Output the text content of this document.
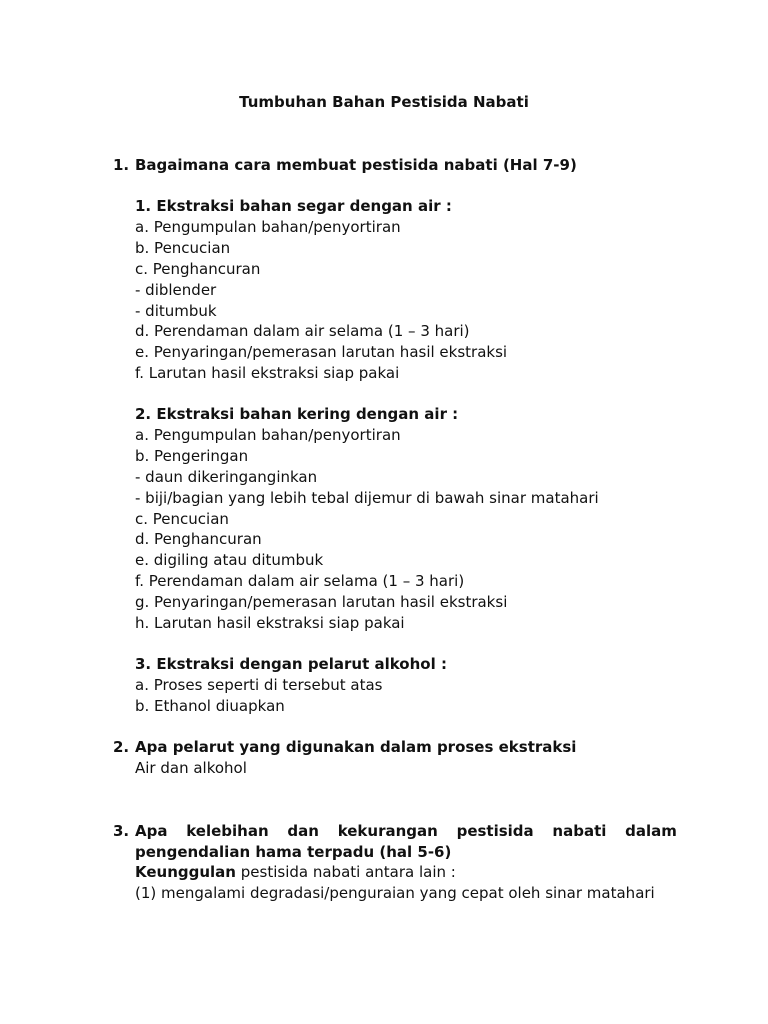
Tumbuhan Bahan Pestisida Nabati
1. Bagaimana cara membuat pestisida nabati (Hal 7-9)
1. Ekstraksi bahan segar dengan air :
a. Pengumpulan bahan/penyortiran
b. Pencucian
c. Penghancuran
- diblender
- ditumbuk
d. Perendaman dalam air selama (1 – 3 hari)
e. Penyaringan/pemerasan larutan hasil ekstraksi
f. Larutan hasil ekstraksi siap pakai
2. Ekstraksi bahan kering dengan air :
a. Pengumpulan bahan/penyortiran
b. Pengeringan
- daun dikeringanginkan
- biji/bagian yang lebih tebal dijemur di bawah sinar matahari
c. Pencucian
d. Penghancuran
e. digiling atau ditumbuk
f. Perendaman dalam air selama (1 – 3 hari)
g. Penyaringan/pemerasan larutan hasil ekstraksi
h. Larutan hasil ekstraksi siap pakai
3. Ekstraksi dengan pelarut alkohol :
a. Proses seperti di tersebut atas
b. Ethanol diuapkan
2. Apa pelarut yang digunakan dalam proses ekstraksi
Air dan alkohol
3. Apa kelebihan dan kekurangan pestisida nabati dalam
pengendalian hama terpadu (hal 5-6)
Keunggulan pestisida nabati antara lain :
(1) mengalami degradasi/penguraian yang cepat oleh sinar matahari
